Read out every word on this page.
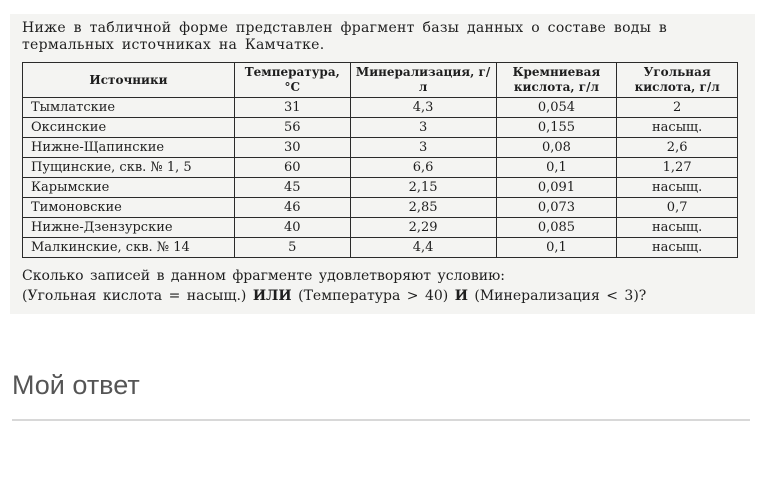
Ниже в табличной форме представлен фрагмент базы данных о составе воды в термальных источниках на Камчатке.

Источники	Температура, °C	Минерализация, г/л	Кремниевая кислота, г/л	Угольная кислота, г/л
Тымлатские	31	4,3	0,054	2
Оксинские	56	3	0,155	насыщ.
Нижне-Щапинские	30	3	0,08	2,6
Пущинские, скв. № 1, 5	60	6,6	0,1	1,27
Карымские	45	2,15	0,091	насыщ.
Тимоновские	46	2,85	0,073	0,7
Нижне-Дзензурские	40	2,29	0,085	насыщ.
Малкинские, скв. № 14	5	4,4	0,1	насыщ.
Сколько записей в данном фрагменте удовлетворяют условию:
(Угольная кислота = насыщ.) ИЛИ (Температура > 40) И (Минерализация < 3)?
Мой ответ
